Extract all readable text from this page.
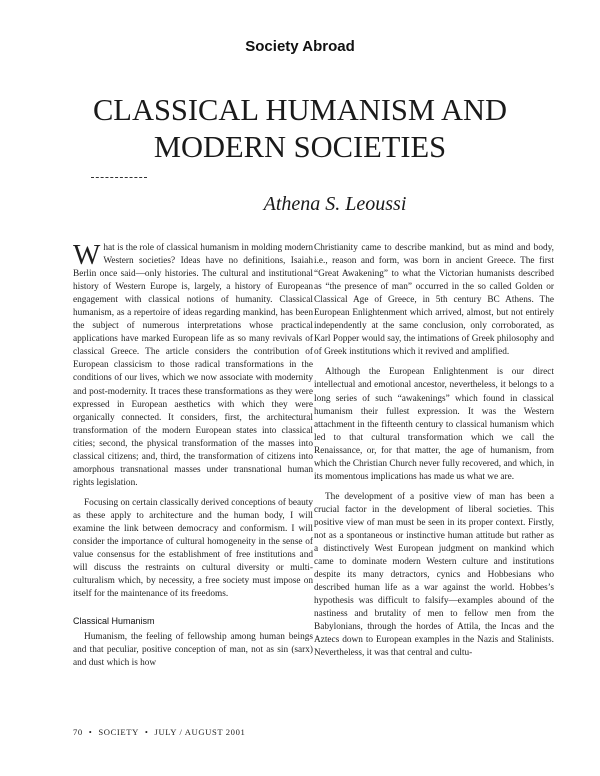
Society Abroad
CLASSICAL HUMANISM AND
MODERN SOCIETIES
Athena S. Leoussi

What is the role of classical humanism in molding modern Western societies? Ideas have no definitions, Isaiah Berlin once said—only histories. The cultural and institutional history of Western Europe is, largely, a history of European engagement with classical notions of humanity. Classical humanism, as a repertoire of ideas regarding mankind, has been the subject of numerous interpretations whose practical applications have marked European life as so many revivals of classical Greece. The article considers the contribution of European classicism to those radical transformations in the conditions of our lives, which we now associate with modernity and post-modernity. It traces these transformations as they were expressed in European aesthetics with which they were organically connected. It considers, first, the architectural transformation of the modern European states into classical cities; second, the physical transformation of the masses into classical citizens; and, third, the transformation of citizens into amorphous transnational masses under transnational human rights legislation.

Focusing on certain classically derived conceptions of beauty as these apply to architecture and the human body, I will examine the link between democracy and conformism. I will consider the importance of cultural homogeneity in the sense of value consensus for the establishment of free institutions and will discuss the restraints on cultural diversity or multi-culturalism which, by necessity, a free society must impose on itself for the maintenance of its freedoms.

Classical Humanism

Humanism, the feeling of fellowship among human beings and that peculiar, positive conception of man, not as sin (sarx) and dust which is how

Christianity came to describe mankind, but as mind and body, i.e., reason and form, was born in ancient Greece. The first “Great Awakening” to what the Victorian humanists described as “the presence of man” occurred in the so called Golden or Classical Age of Greece, in 5th century BC Athens. The European Enlightenment which arrived, almost, but not entirely independently at the same conclusion, only corroborated, as Karl Popper would say, the intimations of Greek philosophy and of Greek institutions which it revived and amplified.

Although the European Enlightenment is our direct intellectual and emotional ancestor, nevertheless, it belongs to a long series of such “awakenings” which found in classical humanism their fullest expression. It was the Western attachment in the fifteenth century to classical humanism which led to that cultural transformation which we call the Renaissance, or, for that matter, the age of humanism, from which the Christian Church never fully recovered, and which, in its momentous implications has made us what we are.

The development of a positive view of man has been a crucial factor in the development of liberal societies. This positive view of man must be seen in its proper context. Firstly, not as a spontaneous or instinctive human attitude but rather as a distinctively West European judgment on mankind which came to dominate modern Western culture and institutions despite its many detractors, cynics and Hobbesians who described human life as a war against the world. Hobbes’s hypothesis was difficult to falsify—examples abound of the nastiness and brutality of men to fellow men from the Babylonians, through the hordes of Attila, the Incas and the Aztecs down to European examples in the Nazis and Stalinists. Nevertheless, it was that central and cultu-

70 • SOCIETY • JULY / AUGUST 2001
